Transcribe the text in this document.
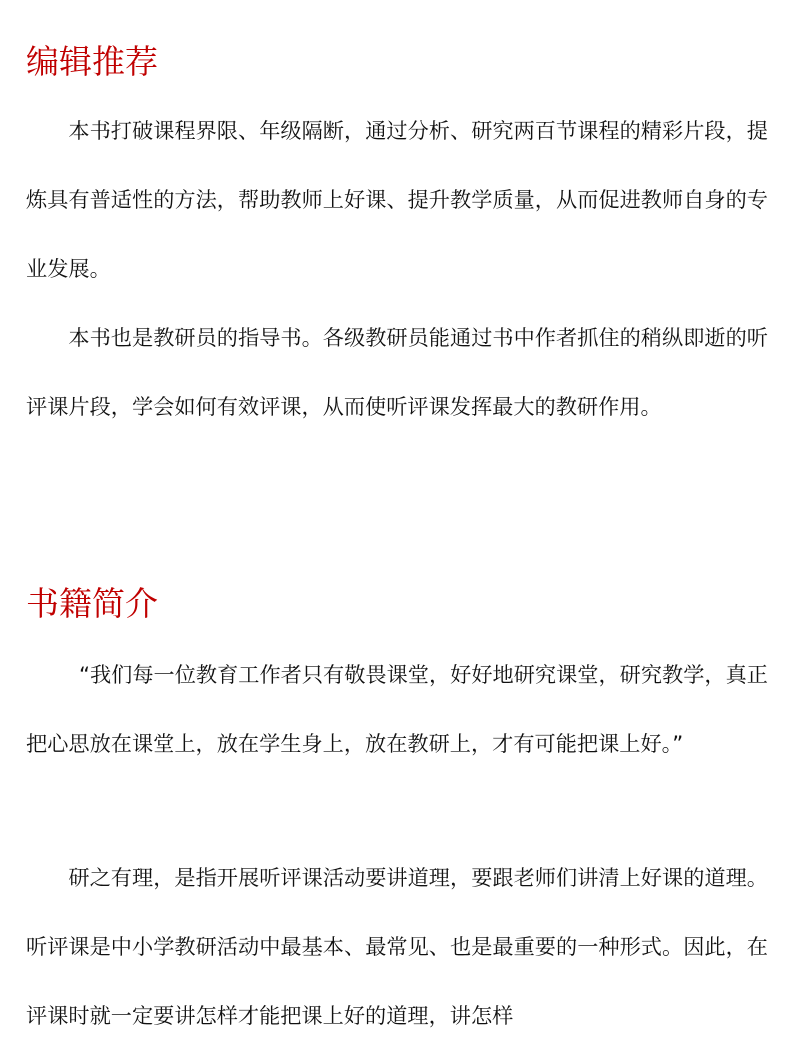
编辑推荐

本书打破课程界限、年级隔断，通过分析、研究两百节课程的精彩片段，提炼具有普适性的方法，帮助教师上好课、提升教学质量，从而促进教师自身的专业发展。

本书也是教研员的指导书。各级教研员能通过书中作者抓住的稍纵即逝的听评课片段，学会如何有效评课，从而使听评课发挥最大的教研作用。

书籍简介

“我们每一位教育工作者只有敬畏课堂，好好地研究课堂，研究教学，真正把心思放在课堂上，放在学生身上，放在教研上，才有可能把课上好。”

研之有理，是指开展听评课活动要讲道理，要跟老师们讲清上好课的道理。听评课是中小学教研活动中最基本、最常见、也是最重要的一种形式。因此，在评课时就一定要讲怎样才能把课上好的道理，讲怎样
